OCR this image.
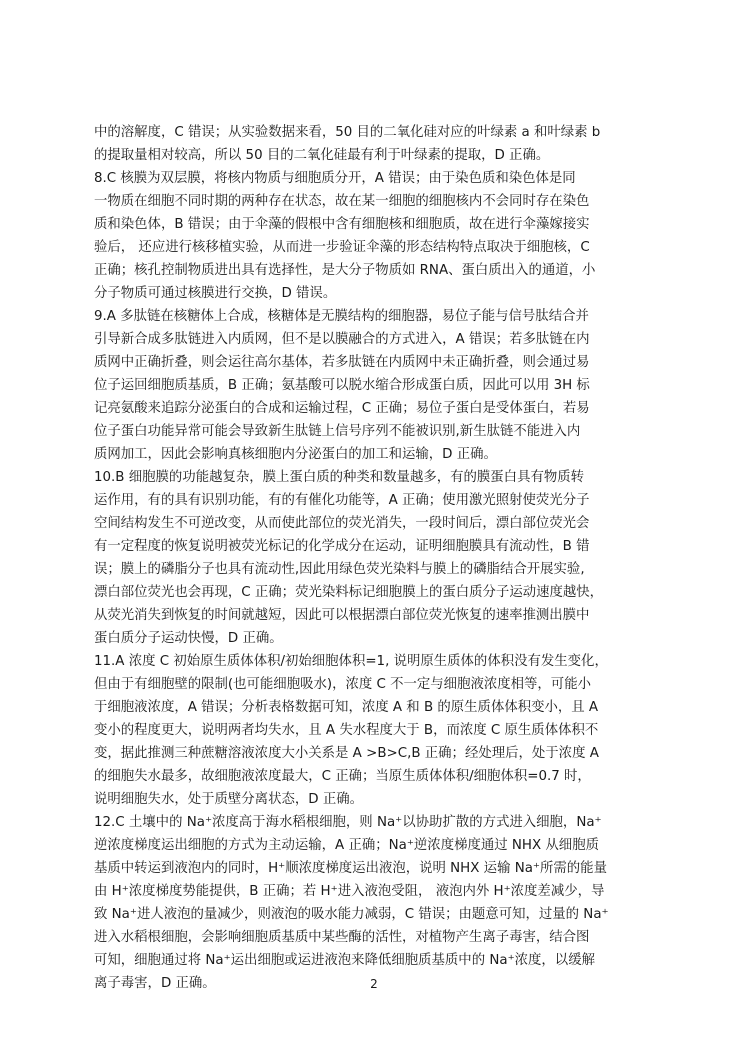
中的溶解度，C 错误；从实验数据来看，50 目的二氧化硅对应的叶绿素 a 和叶绿素 b
的提取量相对较高，所以 50 目的二氧化硅最有利于叶绿素的提取，D 正确。
8.C 核膜为双层膜，将核内物质与细胞质分开，A 错误；由于染色质和染色体是同
一物质在细胞不同时期的两种存在状态，故在某一细胞的细胞核内不会同时存在染色
质和染色体，B 错误；由于伞藻的假根中含有细胞核和细胞质，故在进行伞藻嫁接实
验后， 还应进行核移植实验，从而进一步验证伞藻的形态结构特点取决于细胞核，C
正确；核孔控制物质进出具有选择性，是大分子物质如 RNA、蛋白质出入的通道，小
分子物质可通过核膜进行交换，D 错误。
9.A 多肽链在核糖体上合成，核糖体是无膜结构的细胞器，易位子能与信号肽结合并
引导新合成多肽链进入内质网，但不是以膜融合的方式进入，A 错误；若多肽链在内
质网中正确折叠，则会运往高尔基体，若多肽链在内质网中未正确折叠，则会通过易
位子运回细胞质基质，B 正确；氨基酸可以脱水缩合形成蛋白质，因此可以用 3H 标
记亮氨酸来追踪分泌蛋白的合成和运输过程，C 正确；易位子蛋白是受体蛋白，若易
位子蛋白功能异常可能会导致新生肽链上信号序列不能被识别,新生肽链不能进入内
质网加工，因此会影响真核细胞内分泌蛋白的加工和运输，D 正确。
10.B 细胞膜的功能越复杂，膜上蛋白质的种类和数量越多，有的膜蛋白具有物质转
运作用，有的具有识别功能，有的有催化功能等，A 正确；使用激光照射使荧光分子
空间结构发生不可逆改变，从而使此部位的荧光消失，一段时间后，漂白部位荧光会
有一定程度的恢复说明被荧光标记的化学成分在运动，证明细胞膜具有流动性，B 错
误；膜上的磷脂分子也具有流动性,因此用绿色荧光染料与膜上的磷脂结合开展实验,
漂白部位荧光也会再现，C 正确；荧光染料标记细胞膜上的蛋白质分子运动速度越快，
从荧光消失到恢复的时间就越短，因此可以根据漂白部位荧光恢复的速率推测出膜中
蛋白质分子运动快慢，D 正确。
11.A 浓度 C 初始原生质体体积/初始细胞体积=1, 说明原生质体的体积没有发生变化，
但由于有细胞壁的限制(也可能细胞吸水)，浓度 C 不一定与细胞液浓度相等，可能小
于细胞液浓度，A 错误；分析表格数据可知，浓度 A 和 B 的原生质体体积变小，且 A
变小的程度更大，说明两者均失水，且 A 失水程度大于 B，而浓度 C 原生质体体积不
变，据此推测三种蔗糖溶液浓度大小关系是 A >B>C,B 正确；经处理后，处于浓度 A
的细胞失水最多，故细胞液浓度最大，C 正确；当原生质体体积/细胞体积=0.7 时，
说明细胞失水，处于质壁分离状态，D 正确。
12.C 土壤中的 Na⁺浓度高于海水稻根细胞，则 Na⁺以协助扩散的方式进入细胞，Na⁺
逆浓度梯度运出细胞的方式为主动运输，A 正确；Na⁺逆浓度梯度通过 NHX 从细胞质
基质中转运到液泡内的同时，H⁺顺浓度梯度运出液泡，说明 NHX 运输 Na⁺所需的能量
由 H⁺浓度梯度势能提供，B 正确；若 H⁺进入液泡受阻， 液泡内外 H⁺浓度差减少，导
致 Na⁺进人液泡的量减少，则液泡的吸水能力减弱，C 错误；由题意可知，过量的 Na⁺
进入水稻根细胞，会影响细胞质基质中某些酶的活性，对植物产生离子毒害，结合图
可知，细胞通过将 Na⁺运出细胞或运进液泡来降低细胞质基质中的 Na⁺浓度，以缓解
离子毒害，D 正确。	2
